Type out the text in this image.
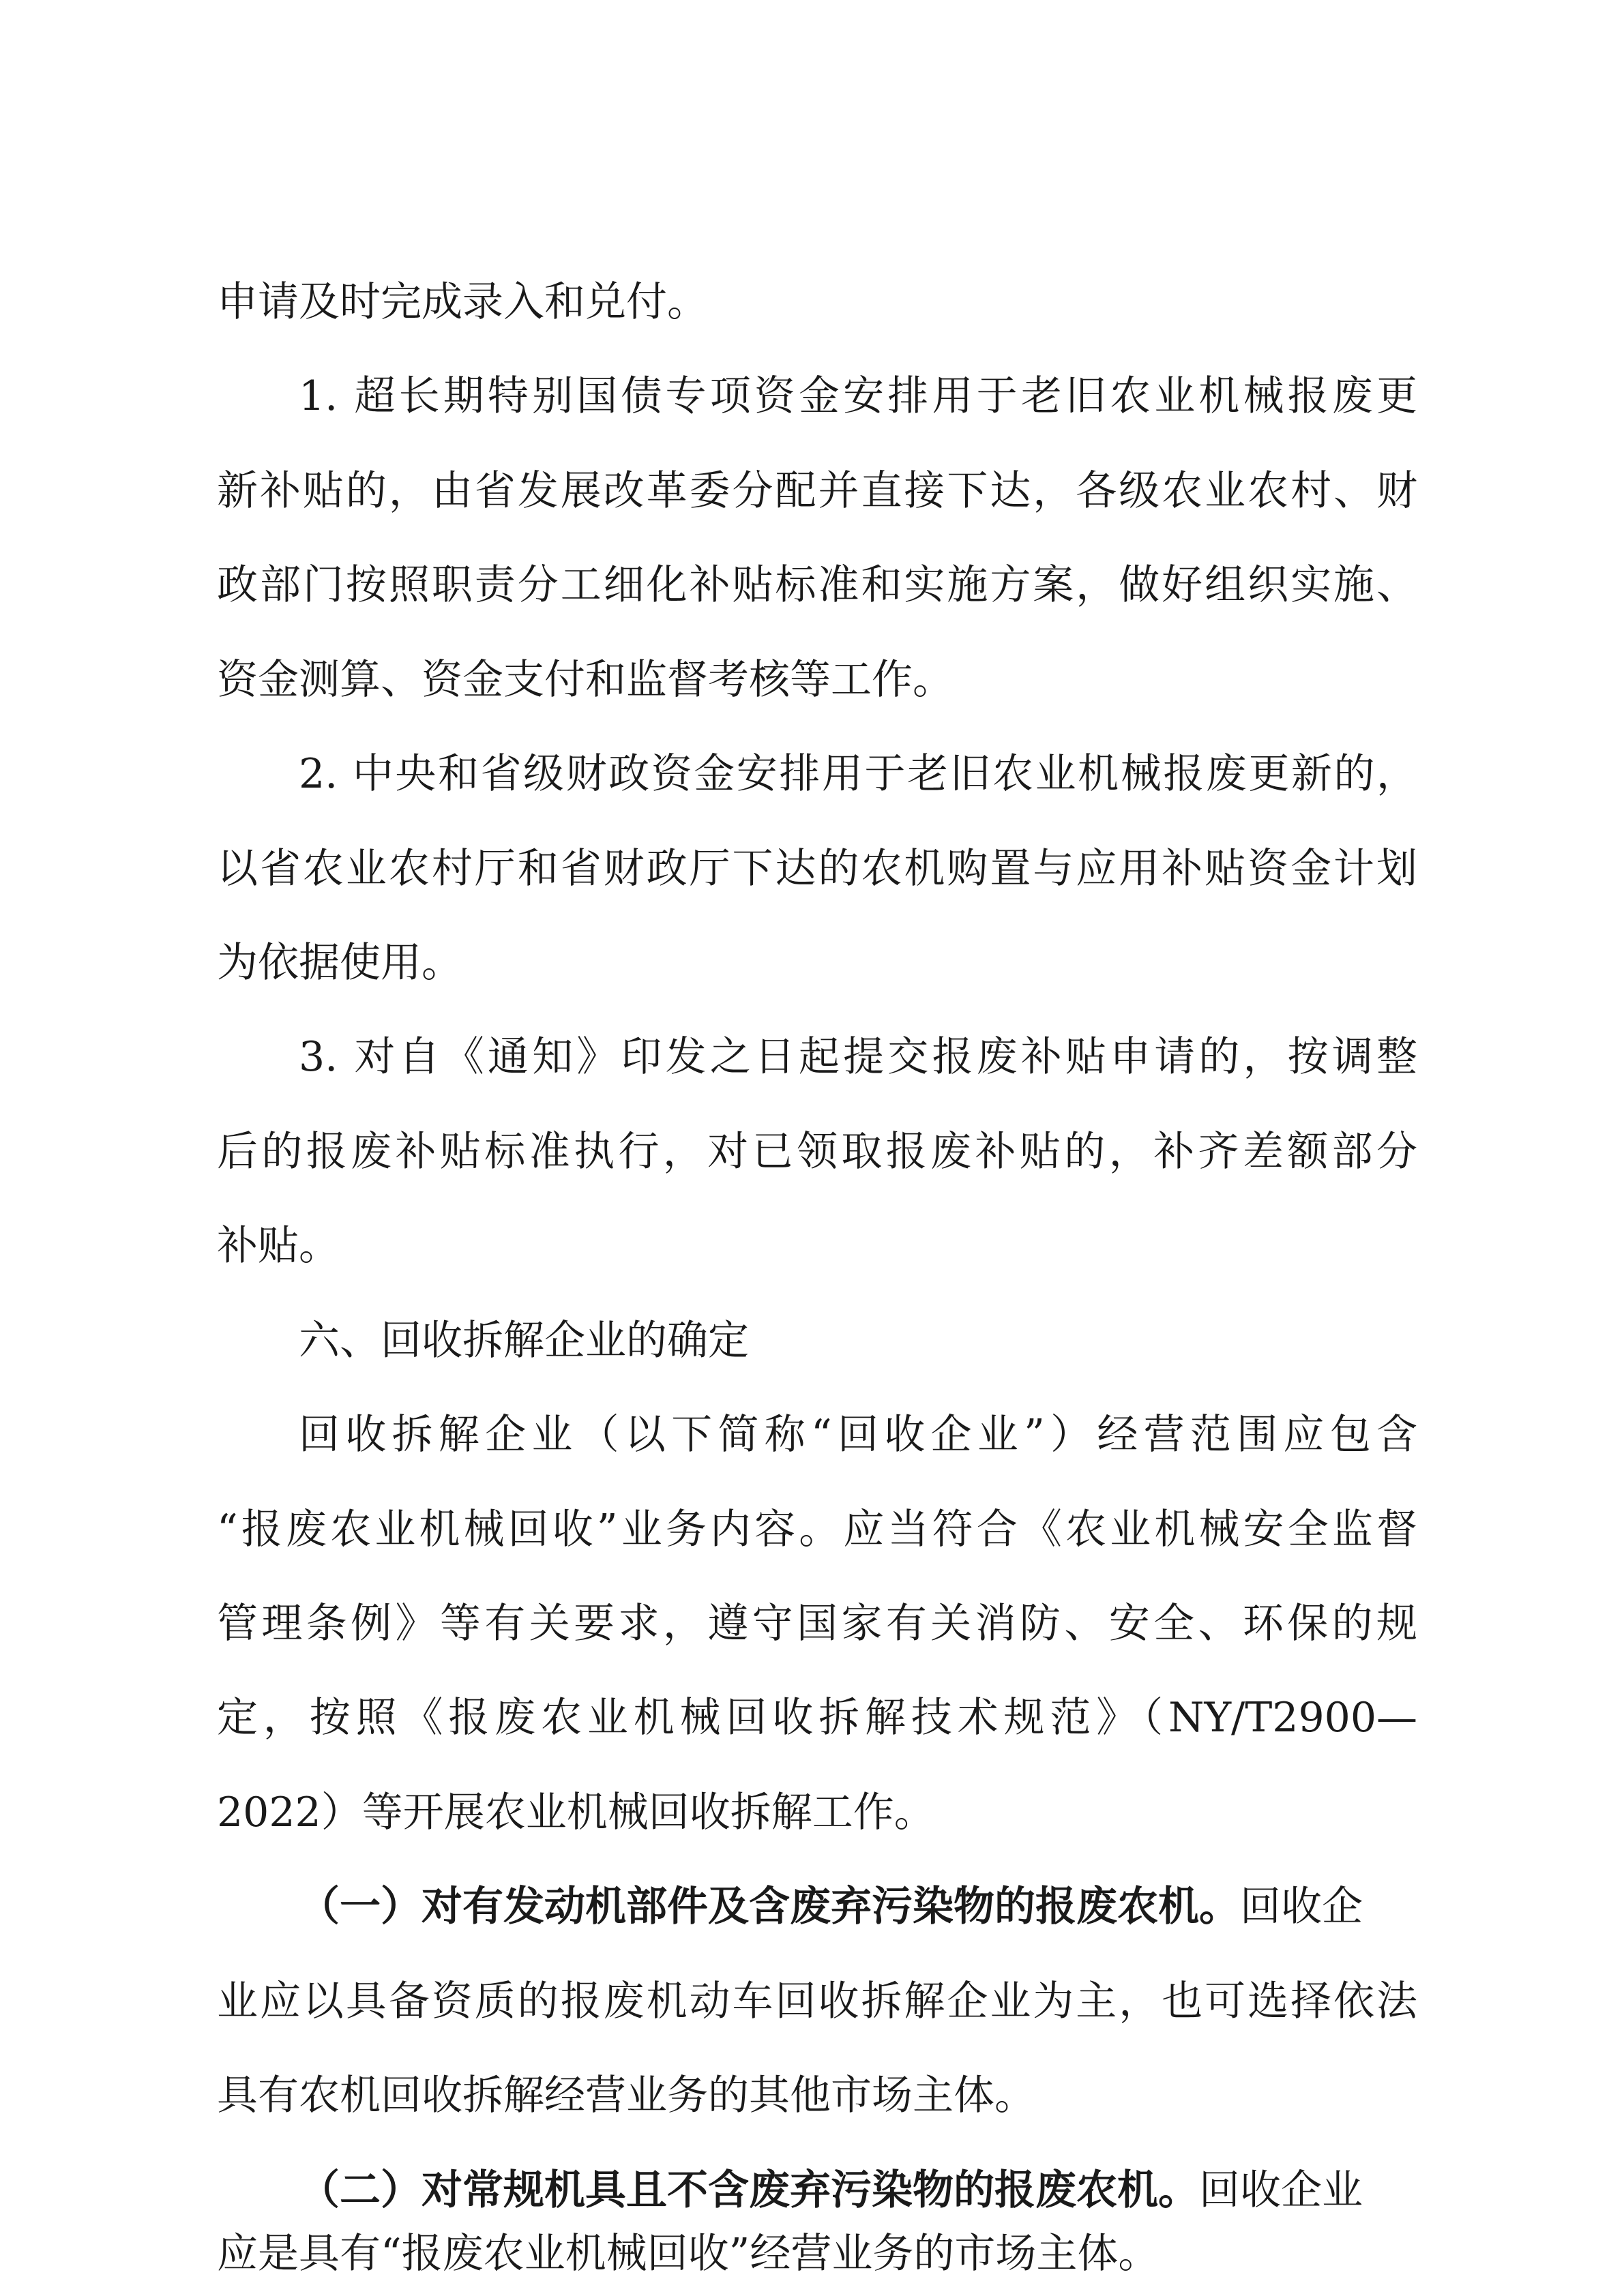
申请及时完成录入和兑付。
1. 超长期特别国债专项资金安排用于老旧农业机械报废更
新补贴的，由省发展改革委分配并直接下达，各级农业农村、财
政部门按照职责分工细化补贴标准和实施方案，做好组织实施、
资金测算、资金支付和监督考核等工作。
2. 中央和省级财政资金安排用于老旧农业机械报废更新的，
以省农业农村厅和省财政厅下达的农机购置与应用补贴资金计划
为依据使用。
3. 对自《通知》印发之日起提交报废补贴申请的，按调整
后的报废补贴标准执行，对已领取报废补贴的，补齐差额部分
补贴。
六、回收拆解企业的确定
回收拆解企业（以下简称“回收企业”）经营范围应包含
“报废农业机械回收”业务内容。应当符合《农业机械安全监督
管理条例》等有关要求，遵守国家有关消防、安全、环保的规
定，按照《报废农业机械回收拆解技术规范》（NY/T2900—
2022）等开展农业机械回收拆解工作。
（一）对有发动机部件及含废弃污染物的报废农机。回收企
业应以具备资质的报废机动车回收拆解企业为主，也可选择依法
具有农机回收拆解经营业务的其他市场主体。
（二）对常规机具且不含废弃污染物的报废农机。回收企业
应是具有“报废农业机械回收”经营业务的市场主体。
